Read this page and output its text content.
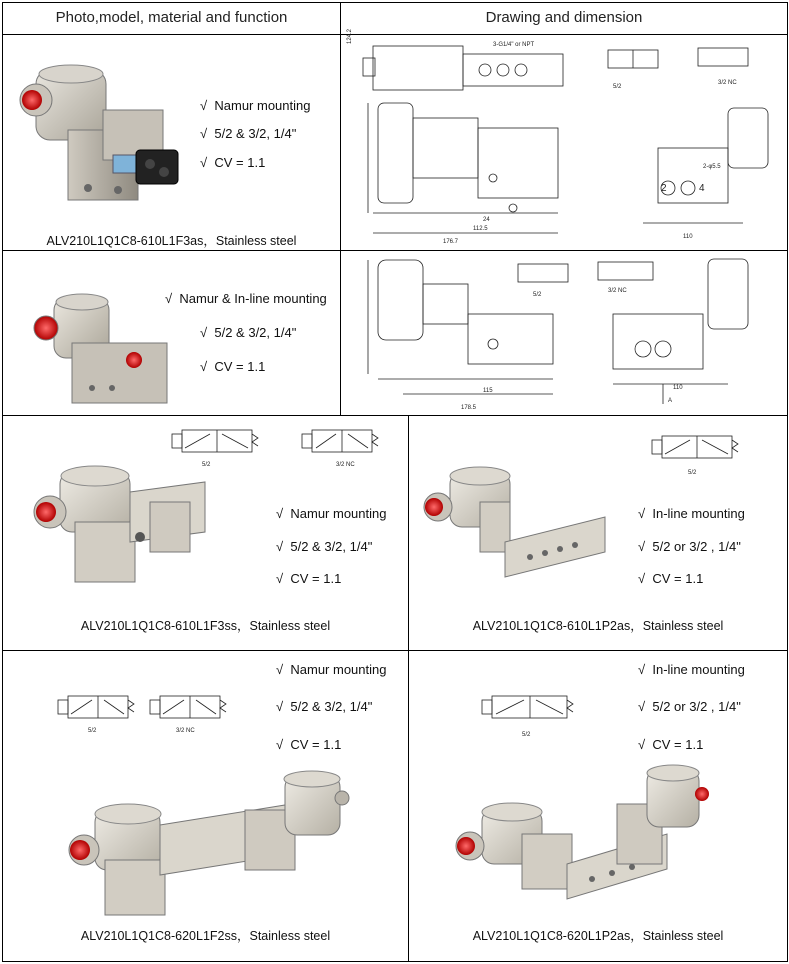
Photo,model, material and function	Drawing and dimension
√ Namur mounting
√ 5/2 & 3/2, 1/4"
√ CV = 1.1
ALV210L1Q1C8-610L1F3as，Stainless steel
124.2
176.7
112.5
24
110
2-φ5.5
3-G1/4" or NPT
5/2
3/2 NC
2	4
√ Namur & In-line mounting
√ 5/2 & 3/2, 1/4"
√ CV = 1.1
178.5
115	110
5/2
3/2 NC
A
5/2	3/2 NC
√ Namur mounting
√ 5/2 & 3/2, 1/4"
√ CV = 1.1
ALV210L1Q1C8-610L1F3ss，Stainless steel
5/2
√ In-line mounting
√ 5/2 or 3/2 , 1/4"
√ CV = 1.1
ALV210L1Q1C8-610L1P2as，Stainless steel
√ Namur mounting
√ 5/2 & 3/2, 1/4"
√ CV = 1.1
5/2	3/2 NC
ALV210L1Q1C8-620L1F2ss，Stainless steel
√ In-line mounting
√ 5/2 or 3/2 , 1/4"
√ CV = 1.1
5/2
ALV210L1Q1C8-620L1P2as，Stainless steel
